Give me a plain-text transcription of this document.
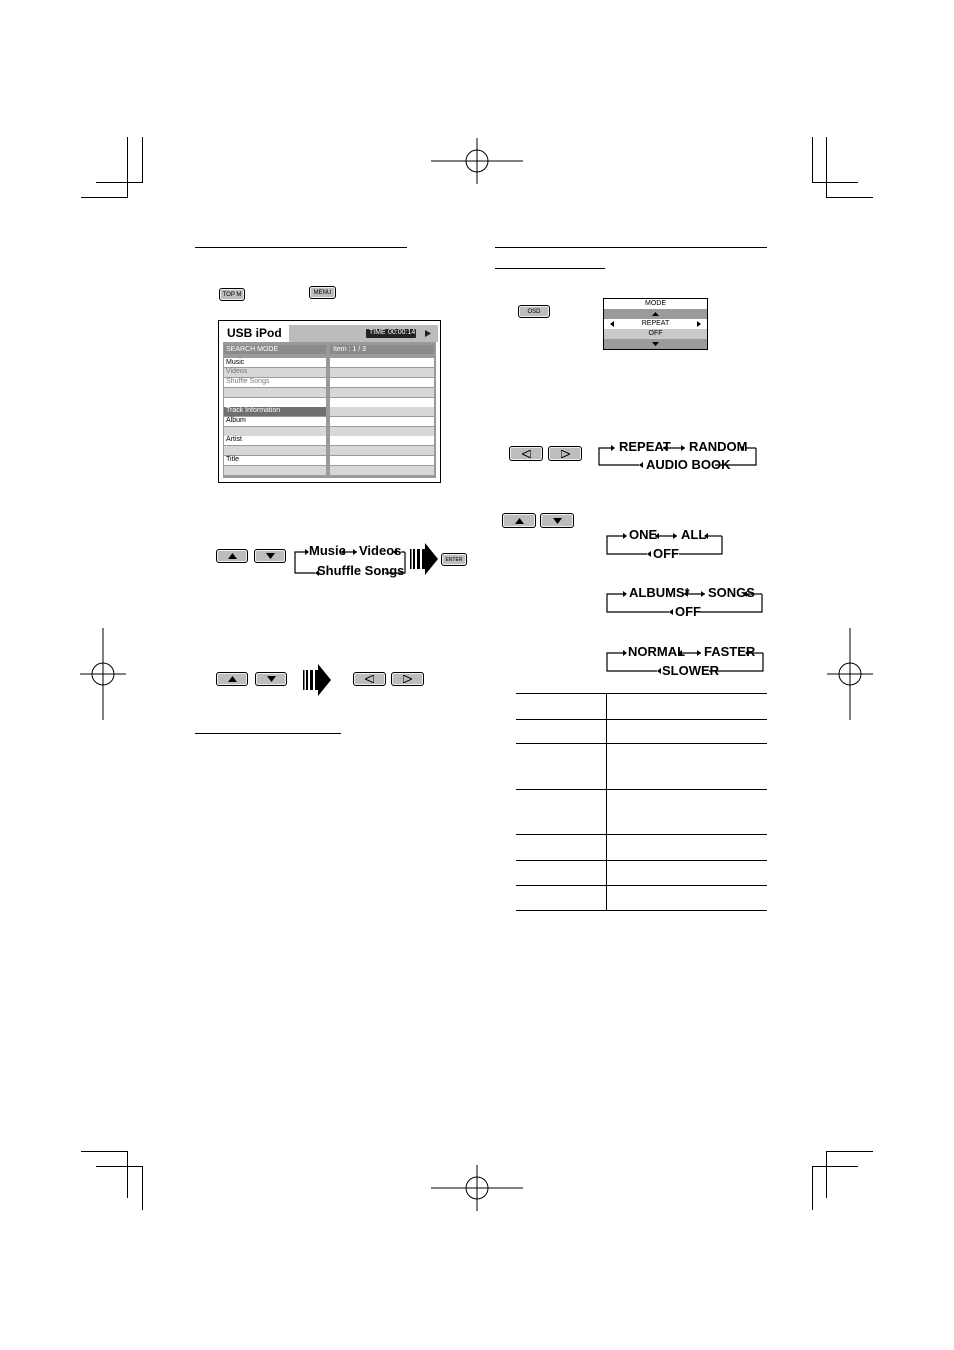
TOP M	MENU
USB iPod	TIME 00:00:14
SEARCH MODE
Music
Videos
Shuffle Songs
Track Information
Album
Artist
Title
Item : 1 / 3
Music Videos
Shuffle Songs
ENTER
OSD
MODE
REPEAT
OFF
REPEAT RANDOM
AUDIO BOOK
ONE ALL
OFF
ALBUMS* SONGS
OFF
NORMAL FASTER
SLOWER
